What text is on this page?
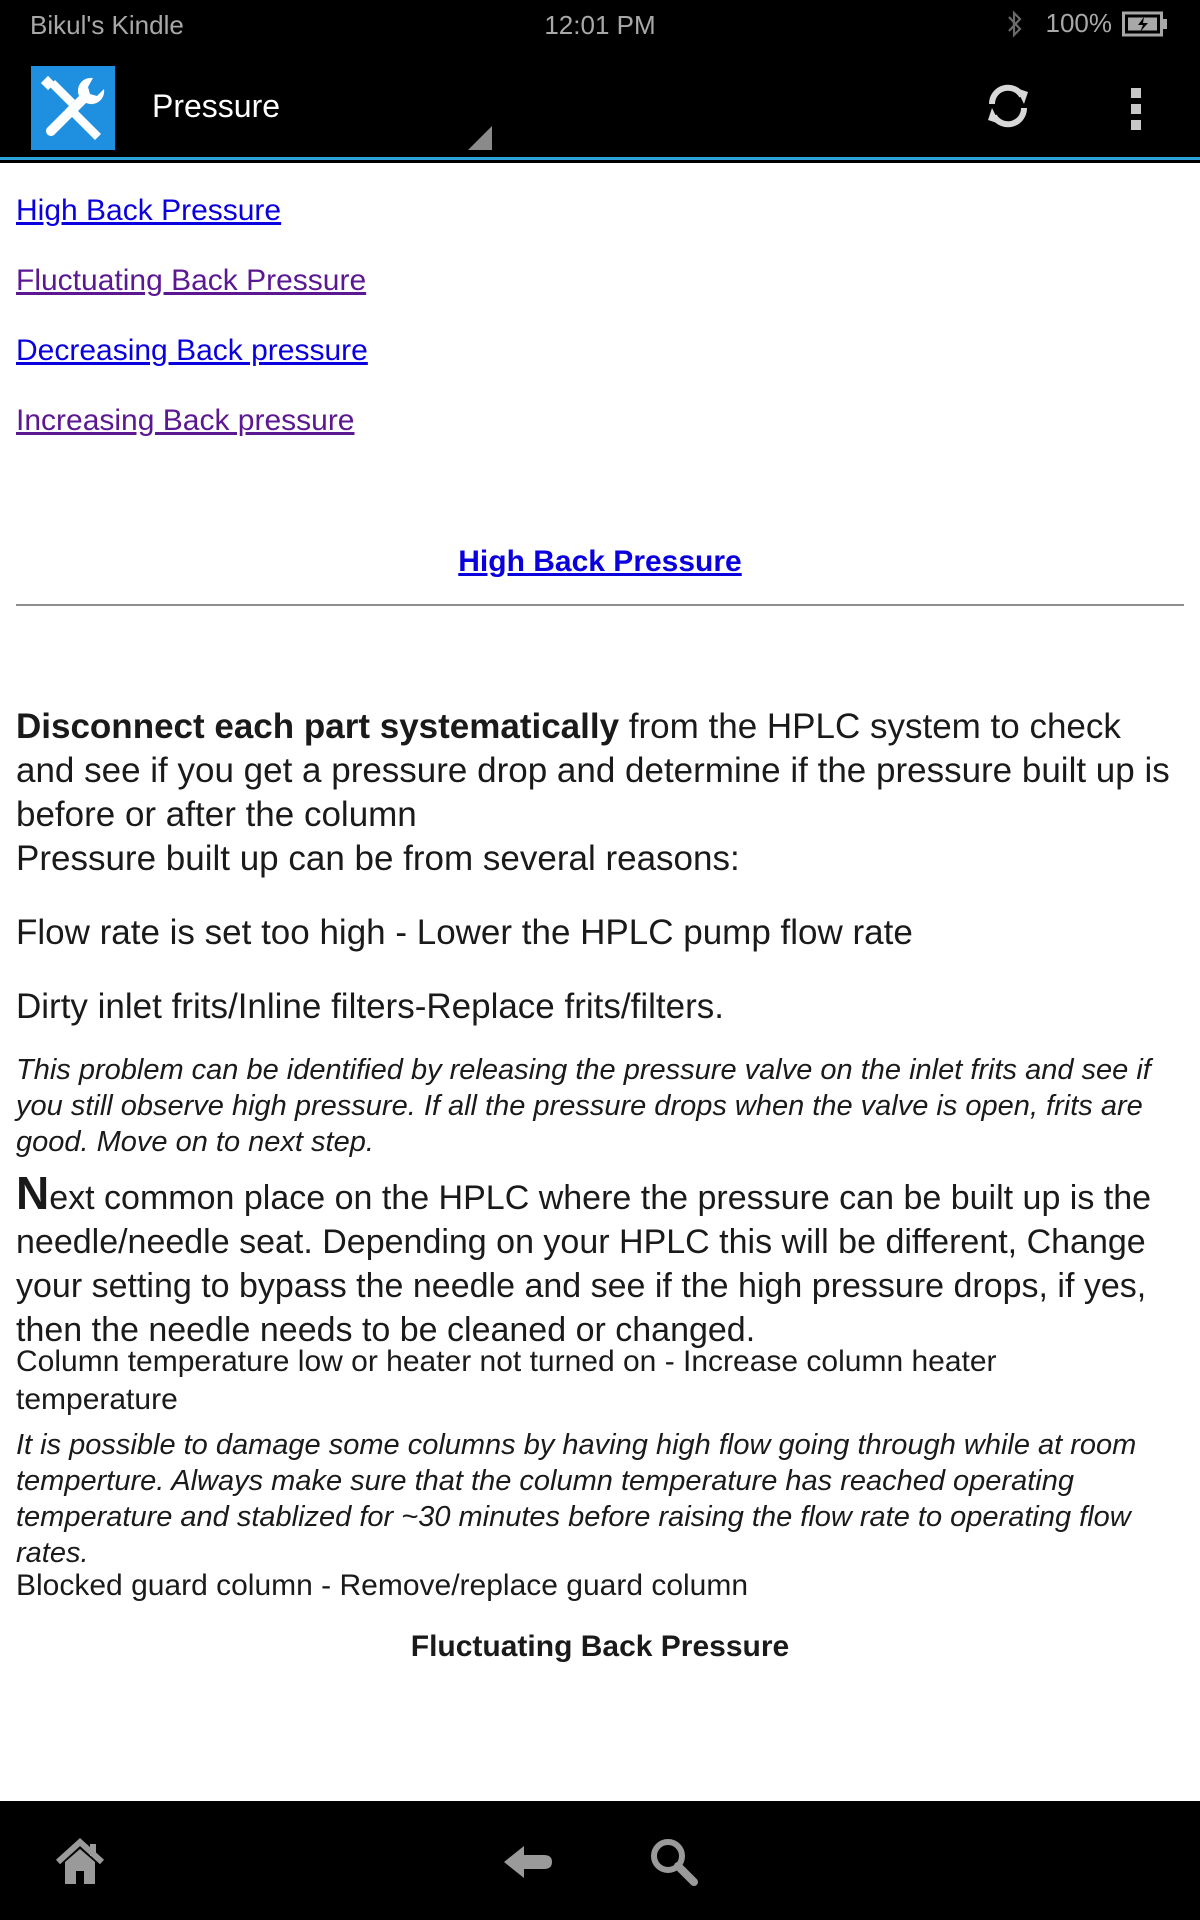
Bikul's Kindle	12:01 PM	100%
Pressure
High Back Pressure
Fluctuating Back Pressure
Decreasing Back pressure
Increasing Back pressure
High Back Pressure

Disconnect each part systematically from the HPLC system to check and see if you get a pressure drop and determine if the pressure built up is before or after the column

Pressure built up can be from several reasons:

Flow rate is set too high - Lower the HPLC pump flow rate

Dirty inlet frits/Inline filters-Replace frits/filters.

This problem can be identified by releasing the pressure valve on the inlet frits and see if you still observe high pressure. If all the pressure drops when the valve is open, frits are good. Move on to next step.

Next common place on the HPLC where the pressure can be built up is the needle/needle seat. Depending on your HPLC this will be different, Change your setting to bypass the needle and see if the high pressure drops, if yes, then the needle needs to be cleaned or changed.

Column temperature low or heater not turned on - Increase column heater temperature

It is possible to damage some columns by having high flow going through while at room temperture. Always make sure that the column temperature has reached operating temperature and stablized for ~30 minutes before raising the flow rate to operating flow rates.

Blocked guard column - Remove/replace guard column

Fluctuating Back Pressure
